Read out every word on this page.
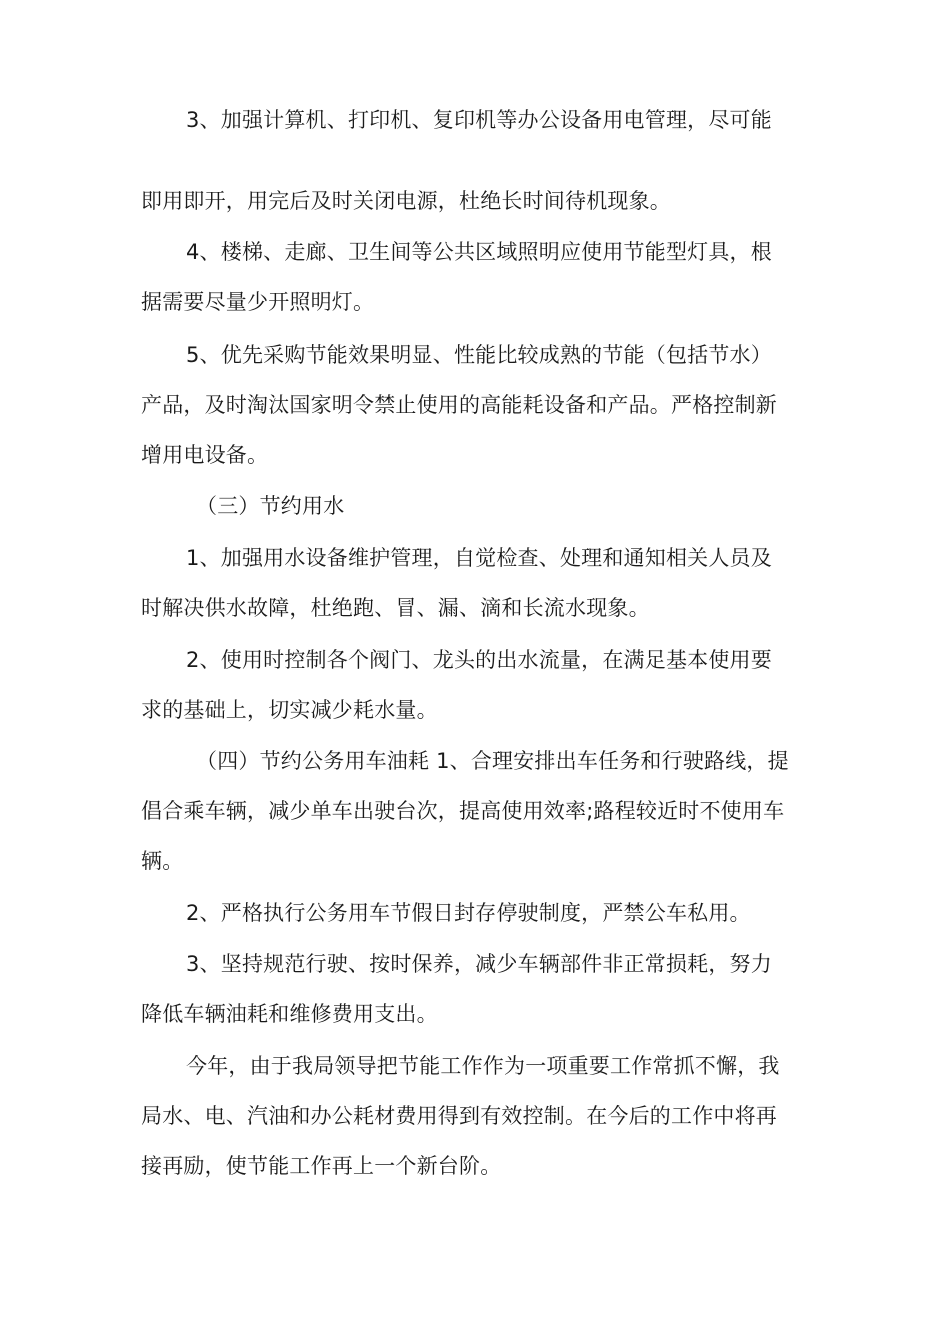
3、加强计算机、打印机、复印机等办公设备用电管理，尽可能
即用即开，用完后及时关闭电源，杜绝长时间待机现象。
4、楼梯、走廊、卫生间等公共区域照明应使用节能型灯具，根
据需要尽量少开照明灯。
5、优先采购节能效果明显、性能比较成熟的节能（包括节水）
产品，及时淘汰国家明令禁止使用的高能耗设备和产品。严格控制新
增用电设备。
（三）节约用水
1、加强用水设备维护管理，自觉检查、处理和通知相关人员及
时解决供水故障，杜绝跑、冒、漏、滴和长流水现象。
2、使用时控制各个阀门、龙头的出水流量，在满足基本使用要
求的基础上，切实减少耗水量。
（四）节约公务用车油耗 1、合理安排出车任务和行驶路线，提
倡合乘车辆，减少单车出驶台次，提高使用效率;路程较近时不使用车
辆。
2、严格执行公务用车节假日封存停驶制度，严禁公车私用。
3、坚持规范行驶、按时保养，减少车辆部件非正常损耗，努力
降低车辆油耗和维修费用支出。
今年，由于我局领导把节能工作作为一项重要工作常抓不懈，我
局水、电、汽油和办公耗材费用得到有效控制。在今后的工作中将再
接再励，使节能工作再上一个新台阶。
